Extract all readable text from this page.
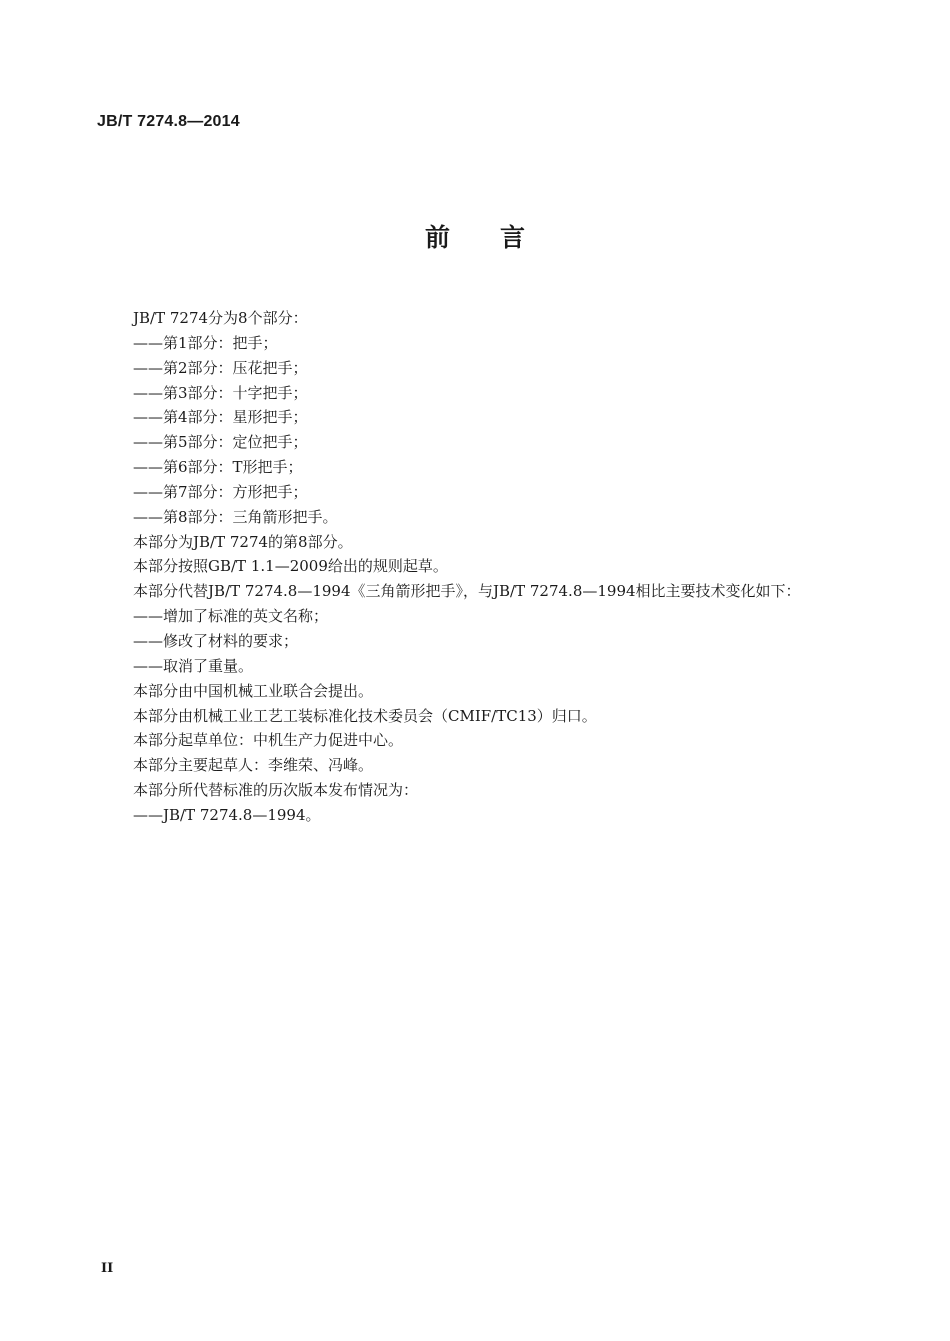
JB/T 7274.8—2014
前言
JB/T 7274分为8个部分：
——第1部分：把手；
——第2部分：压花把手；
——第3部分：十字把手；
——第4部分：星形把手；
——第5部分：定位把手；
——第6部分：T形把手；
——第7部分：方形把手；
——第8部分：三角箭形把手。
本部分为JB/T 7274的第8部分。
本部分按照GB/T 1.1—2009给出的规则起草。
本部分代替JB/T 7274.8—1994《三角箭形把手》，与JB/T 7274.8—1994相比主要技术变化如下：
——增加了标准的英文名称；
——修改了材料的要求；
——取消了重量。
本部分由中国机械工业联合会提出。
本部分由机械工业工艺工装标准化技术委员会（CMIF/TC13）归口。
本部分起草单位：中机生产力促进中心。
本部分主要起草人：李维荣、冯峰。
本部分所代替标准的历次版本发布情况为：
——JB/T 7274.8—1994。
II
